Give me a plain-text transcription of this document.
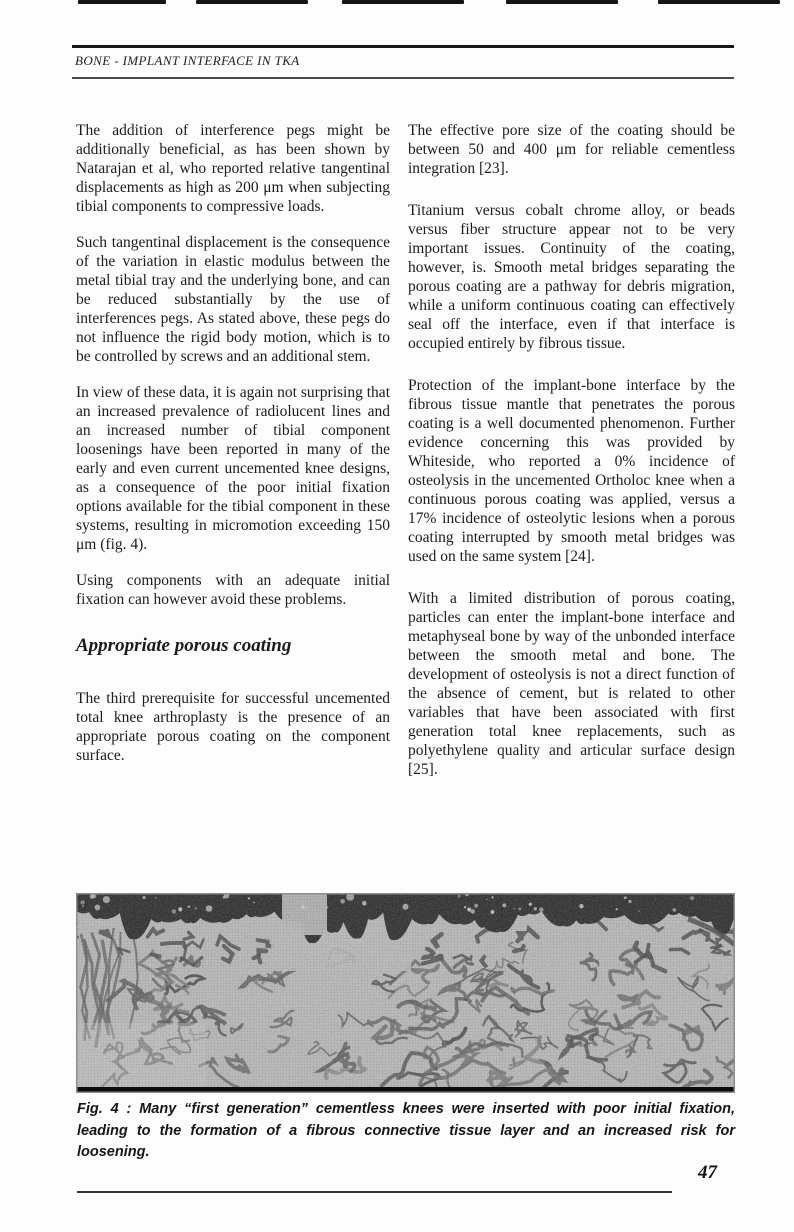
BONE - IMPLANT INTERFACE IN TKA

The addition of interference pegs might be additionally beneficial, as has been shown by Natarajan et al, who reported relative tangentinal displacements as high as 200 μm when subjecting tibial components to compressive loads.

Such tangentinal displacement is the consequence of the variation in elastic modulus between the metal tibial tray and the underlying bone, and can be reduced substantially by the use of interferences pegs. As stated above, these pegs do not influence the rigid body motion, which is to be controlled by screws and an additional stem.

In view of these data, it is again not surprising that an increased prevalence of radiolucent lines and an increased number of tibial component loosenings have been reported in many of the early and even current uncemented knee designs, as a consequence of the poor initial fixation options available for the tibial component in these systems, resulting in micromotion exceeding 150 μm (fig. 4).

Using components with an adequate initial fixation can however avoid these problems.

Appropriate porous coating

The third prerequisite for successful uncemented total knee arthroplasty is the presence of an appropriate porous coating on the component surface.

The effective pore size of the coating should be between 50 and 400 μm for reliable cementless integration [23].

Titanium versus cobalt chrome alloy, or beads versus fiber structure appear not to be very important issues. Continuity of the coating, however, is. Smooth metal bridges separating the porous coating are a pathway for debris migration, while a uniform continuous coating can effectively seal off the interface, even if that interface is occupied entirely by fibrous tissue.

Protection of the implant-bone interface by the fibrous tissue mantle that penetrates the porous coating is a well documented phenomenon. Further evidence concerning this was provided by Whiteside, who reported a 0% incidence of osteolysis in the uncemented Ortholoc knee when a continuous porous coating was applied, versus a 17% incidence of osteolytic lesions when a porous coating interrupted by smooth metal bridges was used on the same system [24].

With a limited distribution of porous coating, particles can enter the implant-bone interface and metaphyseal bone by way of the unbonded interface between the smooth metal and bone. The development of osteolysis is not a direct function of the absence of cement, but is related to other variables that have been associated with first generation total knee replacements, such as polyethylene quality and articular surface design [25].

Fig. 4 : Many “first generation” cementless knees were inserted with poor initial fixation, leading to the formation of a fibrous connective tissue layer and an increased risk for loosening.
47
